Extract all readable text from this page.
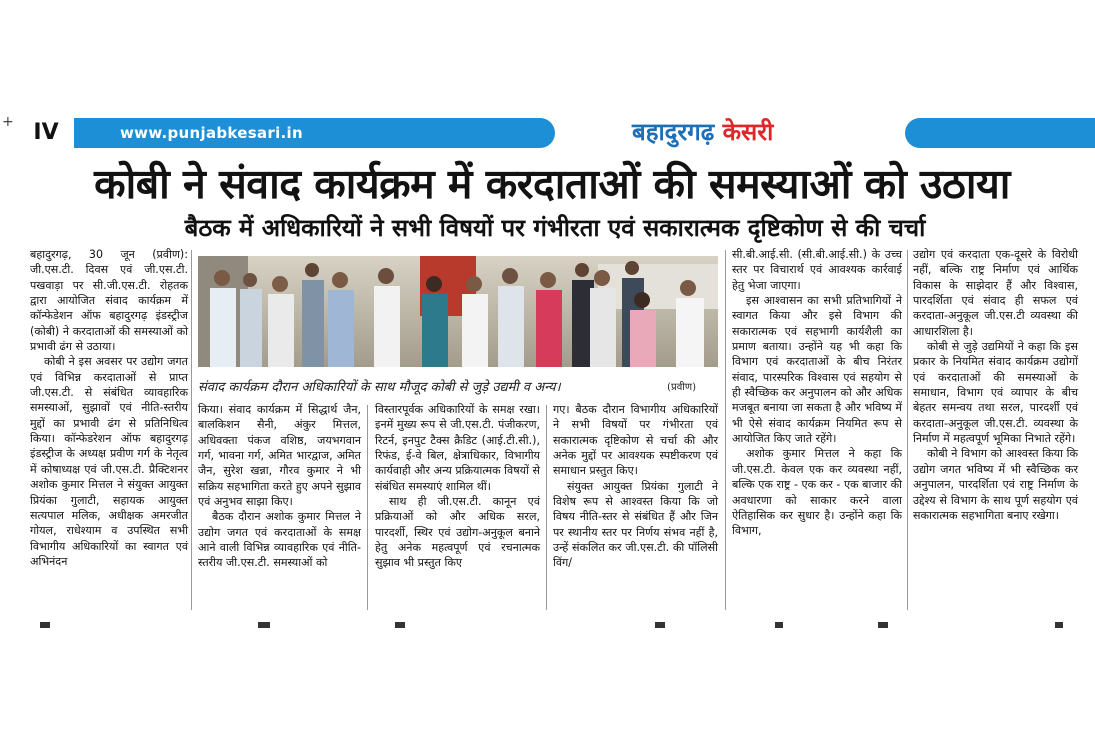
+ IV	www.punjabkesari.in	बहादुरगढ़ केसरी
कोबी ने संवाद कार्यक्रम में करदाताओं की समस्याओं को उठाया
बैठक में अधिकारियों ने सभी विषयों पर गंभीरता एवं सकारात्मक दृष्टिकोण से की चर्चा

बहादुरगढ़, 30 जून (प्रवीण): जी.एस.टी. दिवस एवं जी.एस.टी. पखवाड़ा पर सी.जी.एस.टी. रोहतक द्वारा आयोजित संवाद कार्यक्रम में कॉन्फेडेशन ऑफ बहादुरगढ़ इंडस्ट्रीज (कोबी) ने करदाताओं की समस्याओं को प्रभावी ढंग से उठाया।

कोबी ने इस अवसर पर उद्योग जगत एवं विभिन्न करदाताओं से प्राप्त जी.एस.टी. से संबंधित व्यावहारिक समस्याओं, सुझावों एवं नीति-स्तरीय मुद्दों का प्रभावी ढंग से प्रतिनिधित्व किया। कॉन्फेडरेशन ऑफ बहादुरगढ़ इंडस्ट्रीज के अध्यक्ष प्रवीण गर्ग के नेतृत्व में कोषाध्यक्ष एवं जी.एस.टी. प्रैक्टिशनर अशोक कुमार मित्तल ने संयुक्त आयुक्त प्रियंका गुलाटी, सहायक आयुक्त सत्यपाल मलिक, अधीक्षक अमरजीत गोयल, राधेश्याम व उपस्थित सभी विभागीय अधिकारियों का स्वागत एवं अभिनंदन

संवाद कार्यक्रम दौरान अधिकारियों के साथ मौजूद कोबी से जुड़े उद्यमी व अन्य।	(प्रवीण)

किया। संवाद कार्यक्रम में सिद्धार्थ जैन, बालकिशन सैनी, अंकुर मित्तल, अधिवक्ता पंकज वशिष्ठ, जयभगवान गर्ग, भावना गर्ग, अमित भारद्वाज, अमित जैन, सुरेश खन्ना, गौरव कुमार ने भी सक्रिय सहभागिता करते हुए अपने सुझाव एवं अनुभव साझा किए।

बैठक दौरान अशोक कुमार मित्तल ने उद्योग जगत एवं करदाताओं के समक्ष आने वाली विभिन्न व्यावहारिक एवं नीति-स्तरीय जी.एस.टी. समस्याओं को

विस्तारपूर्वक अधिकारियों के समक्ष रखा। इनमें मुख्य रूप से जी.एस.टी. पंजीकरण, रिटर्न, इनपुट टैक्स क्रैडिट (आई.टी.सी.), रिफंड, ई-वे बिल, क्षेत्राधिकार, विभागीय कार्यवाही और अन्य प्रक्रियात्मक विषयों से संबंधित समस्याएं शामिल थीं।

साथ ही जी.एस.टी. कानून एवं प्रक्रियाओं को और अधिक सरल, पारदर्शी, स्थिर एवं उद्योग-अनुकूल बनाने हेतु अनेक महत्वपूर्ण एवं रचनात्मक सुझाव भी प्रस्तुत किए

गए। बैठक दौरान विभागीय अधिकारियों ने सभी विषयों पर गंभीरता एवं सकारात्मक दृष्टिकोण से चर्चा की और अनेक मुद्दों पर आवश्यक स्पष्टीकरण एवं समाधान प्रस्तुत किए।

संयुक्त आयुक्त प्रियंका गुलाटी ने विशेष रूप से आश्वस्त किया कि जो विषय नीति-स्तर से संबंधित हैं और जिन पर स्थानीय स्तर पर निर्णय संभव नहीं है, उन्हें संकलित कर जी.एस.टी. की पॉलिसी विंग/

सी.बी.आई.सी. (सी.बी.आई.सी.) के उच्च स्तर पर विचारार्थ एवं आवश्यक कार्रवाई हेतु भेजा जाएगा।

इस आश्वासन का सभी प्रतिभागियों ने स्वागत किया और इसे विभाग की सकारात्मक एवं सहभागी कार्यशैली का प्रमाण बताया। उन्होंने यह भी कहा कि विभाग एवं करदाताओं के बीच निरंतर संवाद, पारस्परिक विश्वास एवं सहयोग से ही स्वैच्छिक कर अनुपालन को और अधिक मजबूत बनाया जा सकता है और भविष्य में भी ऐसे संवाद कार्यक्रम नियमित रूप से आयोजित किए जाते रहेंगे।

अशोक कुमार मित्तल ने कहा कि जी.एस.टी. केवल एक कर व्यवस्था नहीं, बल्कि एक राष्ट्र - एक कर - एक बाजार की अवधारणा को साकार करने वाला ऐतिहासिक कर सुधार है। उन्होंने कहा कि विभाग,

उद्योग एवं करदाता एक-दूसरे के विरोधी नहीं, बल्कि राष्ट्र निर्माण एवं आर्थिक विकास के साझेदार हैं और विश्वास, पारदर्शिता एवं संवाद ही सफल एवं करदाता-अनुकूल जी.एस.टी व्यवस्था की आधारशिला है।

कोबी से जुड़े उद्यमियों ने कहा कि इस प्रकार के नियमित संवाद कार्यक्रम उद्योगों एवं करदाताओं की समस्याओं के समाधान, विभाग एवं व्यापार के बीच बेहतर समन्वय तथा सरल, पारदर्शी एवं करदाता-अनुकूल जी.एस.टी. व्यवस्था के निर्माण में महत्वपूर्ण भूमिका निभाते रहेंगे।

कोबी ने विभाग को आश्वस्त किया कि उद्योग जगत भविष्य में भी स्वैच्छिक कर अनुपालन, पारदर्शिता एवं राष्ट्र निर्माण के उद्देश्य से विभाग के साथ पूर्ण सहयोग एवं सकारात्मक सहभागिता बनाए रखेगा।
